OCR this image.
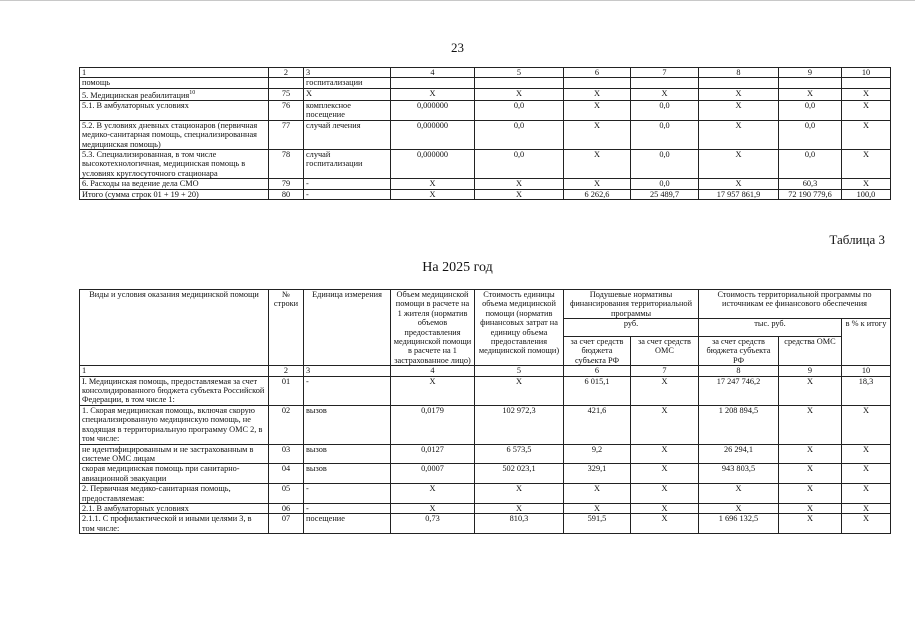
23
1	2	3	4	5	6	7	8	9	10
помощь		госпитализации							
5. Медицинская реабилитация$^{10}$	75	Х	Х	Х	Х	Х	Х	Х	Х
5.1. В амбулаторных условиях	76	комплексное посещение	0,000000	0,0	Х	0,0	Х	0,0	Х
5.2. В условиях дневных стационаров (первичная медико-санитарная помощь, специализированная медицинская помощь)	77	случай лечения	0,000000	0,0	Х	0,0	Х	0,0	Х
5.3. Специализированная, в том числе высокотехнологичная, медицинская помощь в условиях круглосуточного стационара	78	случай госпитализации	0,000000	0,0	Х	0,0	Х	0,0	Х
6. Расходы на ведение дела СМО	79	-	Х	Х	Х	0,0	Х	60,3	Х
Итого (сумма строк 01 + 19 + 20)	80	-	Х	Х	6 262,6	25 489,7	17 957 861,9	72 190 779,6	100,0
Таблица 3
На 2025 год
Виды и условия оказания медицинской помощи	№ строки	Единица измерения	Объем медицинской помощи в расчете на 1 жителя (норматив объемов предоставления медицинской помощи в расчете на 1 застрахованное лицо)	Стоимость единицы объема медицинской помощи (норматив финансовых затрат на единицу объема предоставления медицинской помощи)	Подушевые нормативы финансирования территориальной программы		Стоимость территориальной программы по источникам ее финансового обеспечения		
					руб.		тыс. руб.		в % к итогу
					за счет средств бюджета субъекта РФ	за счет средств ОМС	за счет средств бюджета субъекта РФ	средства ОМС	
1	2	3	4	5	6	7	8	9	10
I. Медицинская помощь, предоставляемая за счет консолидированного бюджета субъекта Российской Федерации, в том числе 1:	01	-	Х	Х	6 015,1	Х	17 247 746,2	Х	18,3
1. Скорая медицинская помощь, включая скорую специализированную медицинскую помощь, не входящая в территориальную программу ОМС 2, в том числе:	02	вызов	0,0179	102 972,3	421,6	Х	1 208 894,5	Х	Х
не идентифицированным и не застрахованным в системе ОМС лицам	03	вызов	0,0127	6 573,5	9,2	Х	26 294,1	Х	Х
скорая медицинская помощь при санитарно-авиационной эвакуации	04	вызов	0,0007	502 023,1	329,1	Х	943 803,5	Х	Х
2. Первичная медико-санитарная помощь, предоставляемая:	05	-	Х	Х	Х	Х	Х	Х	Х
2.1. В амбулаторных условиях	06	-	Х	Х	Х	Х	Х	Х	Х
2.1.1. С профилактической и иными целями 3, в том числе:	07	посещение	0,73	810,3	591,5	Х	1 696 132,5	Х	Х
